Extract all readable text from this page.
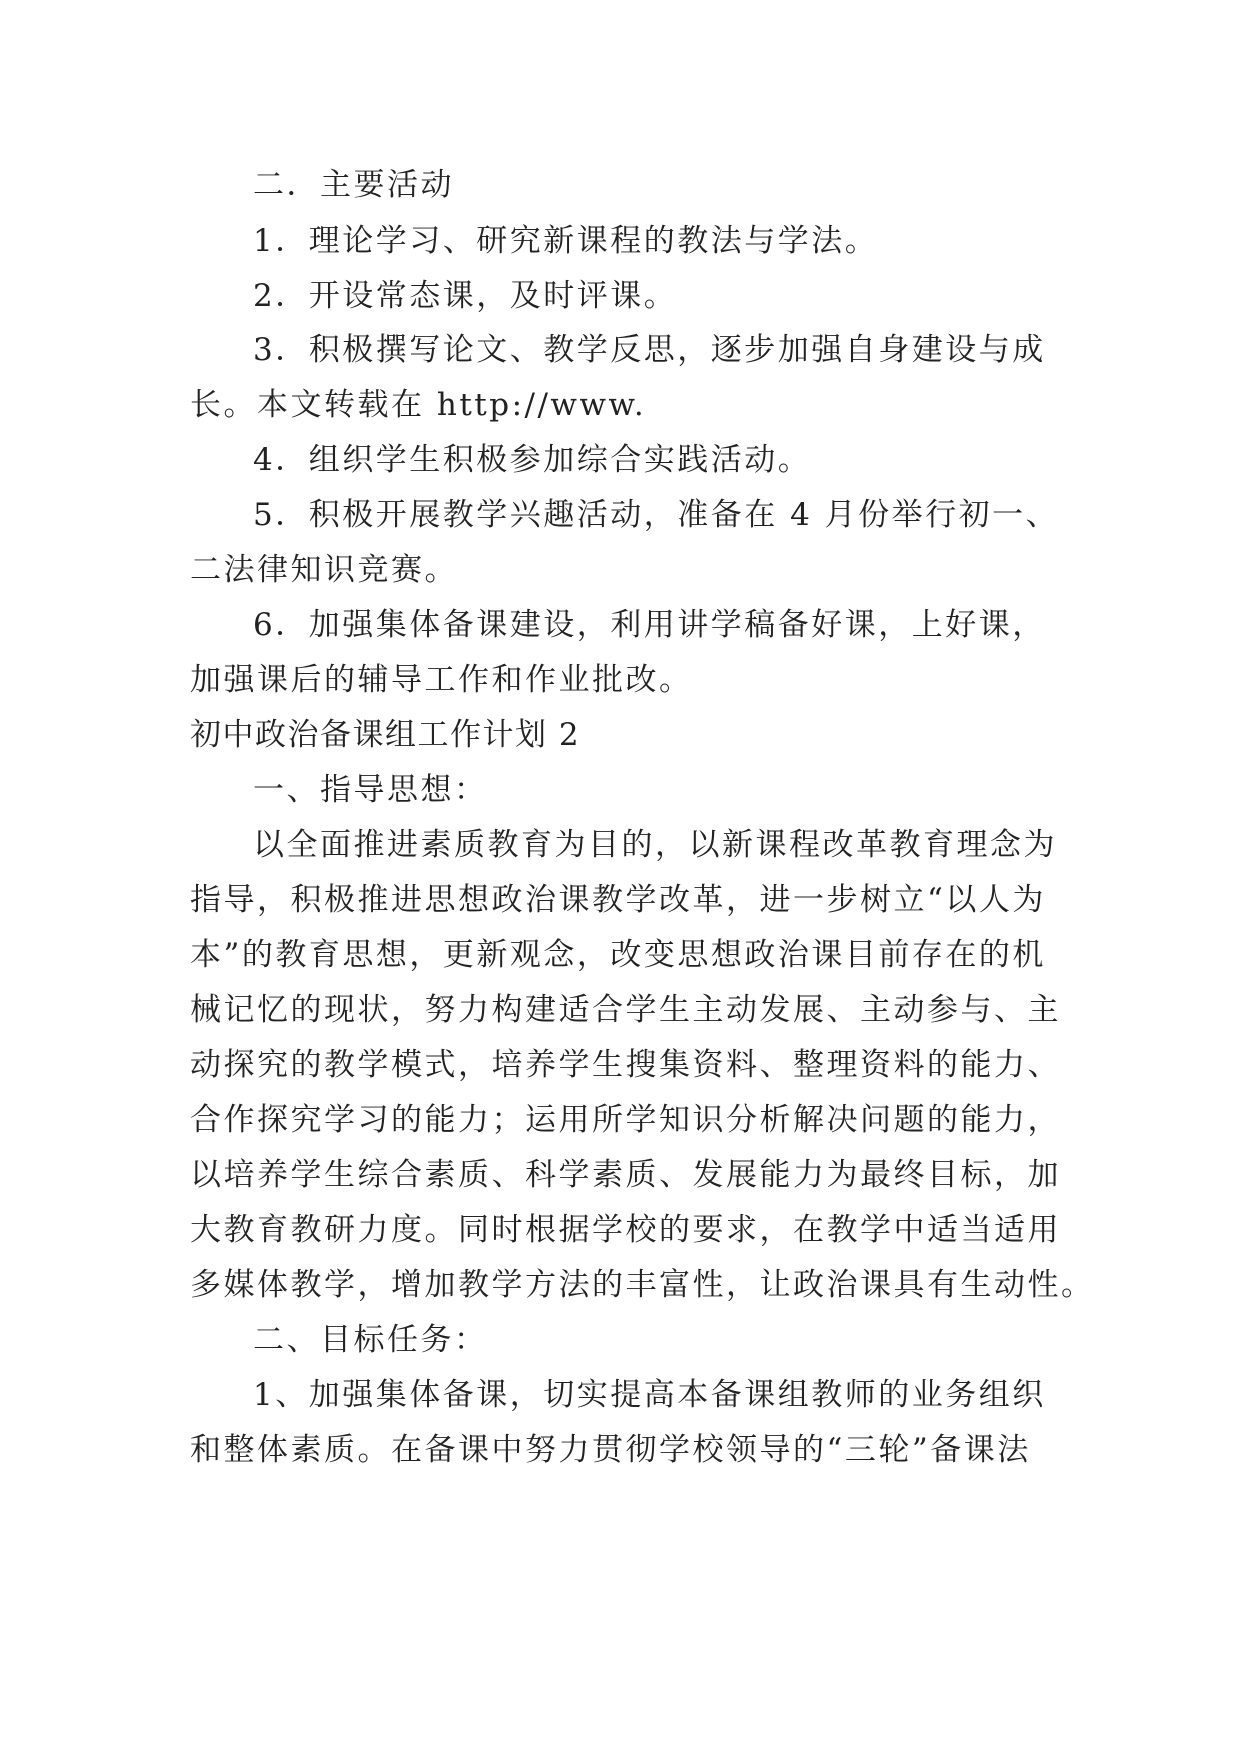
二．主要活动
1．理论学习、研究新课程的教法与学法。
2．开设常态课，及时评课。
3．积极撰写论文、教学反思，逐步加强自身建设与成
长。本文转载在 http://www.
4．组织学生积极参加综合实践活动。
5．积极开展教学兴趣活动，准备在 4 月份举行初一、
二法律知识竞赛。
6．加强集体备课建设，利用讲学稿备好课，上好课，
加强课后的辅导工作和作业批改。
初中政治备课组工作计划 2
一、指导思想：
以全面推进素质教育为目的，以新课程改革教育理念为
指导，积极推进思想政治课教学改革，进一步树立“以人为
本”的教育思想，更新观念，改变思想政治课目前存在的机
械记忆的现状，努力构建适合学生主动发展、主动参与、主
动探究的教学模式，培养学生搜集资料、整理资料的能力、
合作探究学习的能力；运用所学知识分析解决问题的能力，
以培养学生综合素质、科学素质、发展能力为最终目标，加
大教育教研力度。同时根据学校的要求，在教学中适当适用
多媒体教学，增加教学方法的丰富性，让政治课具有生动性。
二、目标任务：
1、加强集体备课，切实提高本备课组教师的业务组织
和整体素质。在备课中努力贯彻学校领导的“三轮”备课法
